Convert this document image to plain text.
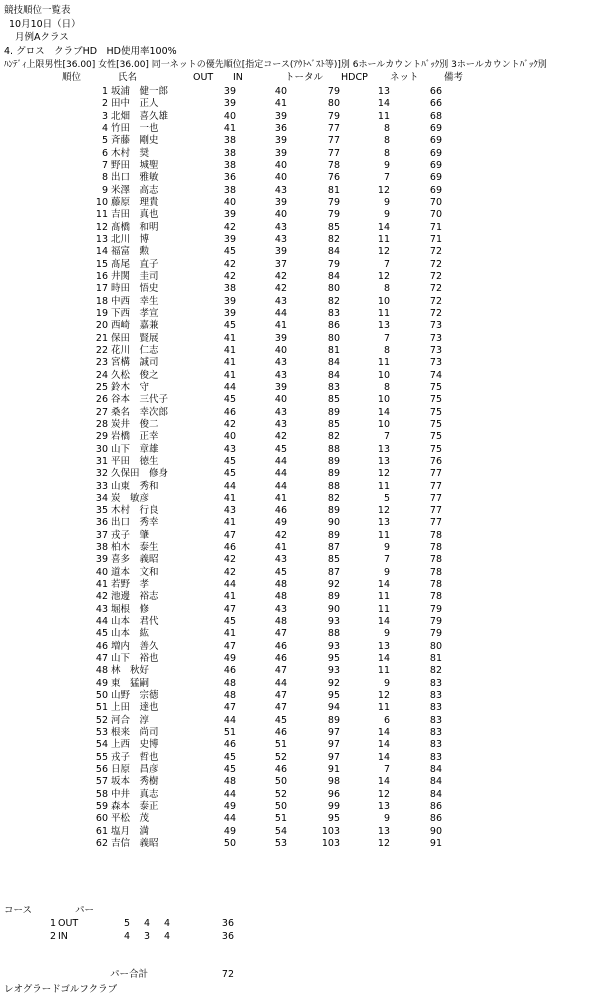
競技順位一覧表
10月10日（日）
月例Aクラス
4. グロス　クラブHD　HD使用率100%
ﾊﾝﾃﾞｨ上限男性[36.00] 女性[36.00] 同一ネットの優先順位[指定コース(ｱｳﾄﾍﾞｽﾄ等)]別 6ホールカウントﾊﾞｯｸ別 3ホールカウントﾊﾞｯｸ別
順位	氏名	OUT IN	トータル HDCP ネット	備考
1 坂浦　健一郎	39	40	79	13	66
2 田中　正人	39	41	80	14	66
3 北畑　喜久雄	40	39	79	11	68
4 竹田　一也	41	36	77	8	69
5 斉藤　剛史	38	39	77	8	69
6 木村　奨	38	39	77	8	69
7 野田　城聖	38	40	78	9	69
8 出口　雅敏	36	40	76	7	69
9 米澤　高志	38	43	81	12	69
10 藤原　理貴	40	39	79	9	70
11 吉田　真也	39	40	79	9	70
12 髙橋　和明	42	43	85	14	71
13 北川　博	39	43	82	11	71
14 福富　勲	45	39	84	12	72
15 髙尾　直子	42	37	79	7	72
16 井関　圭司	42	42	84	12	72
17 時田　悟史	38	42	80	8	72
18 中西　幸生	39	43	82	10	72
19 下西　孝宣	39	44	83	11	72
20 西崎　嘉兼	45	41	86	13	73
21 保田　賢展	41	39	80	7	73
22 花川　仁志	41	40	81	8	73
23 宮構　誠司	41	43	84	11	73
24 久松　俊之	41	43	84	10	74
25 鈴木　守	44	39	83	8	75
26 谷本　三代子	45	40	85	10	75
27 桑名　幸次郎	46	43	89	14	75
28 炭井　俊二	42	43	85	10	75
29 岩橋　正幸	40	42	82	7	75
30 山下　章雄	43	45	88	13	75
31 平田　徳生	45	44	89	13	76
32 久保田　修身	45	44	89	12	77
33 山東　秀和	44	44	88	11	77
34 炭　敏彦	41	41	82	5	77
35 木村　行良	43	46	89	12	77
36 出口　秀幸	41	49	90	13	77
37 戎子　肇	47	42	89	11	78
38 柏木　泰生	46	41	87	9	78
39 喜多　義昭	42	43	85	7	78
40 道本　文和	42	45	87	9	78
41 若野　孝	44	48	92	14	78
42 池邊　裕志	41	48	89	11	78
43 堀根　修	47	43	90	11	79
44 山本　君代	45	48	93	14	79
45 山本　紘	41	47	88	9	79
46 増内　善久	47	46	93	13	80
47 山下　裕也	49	46	95	14	81
48 林　秋好	46	47	93	11	82
49 東　猛嗣	48	44	92	9	83
50 山野　宗德	48	47	95	12	83
51 上田　達也	47	47	94	11	83
52 河合　淳	44	45	89	6	83
53 根来　尚司	51	46	97	14	83
54 上西　史博	46	51	97	14	83
55 戎子　哲也	45	52	97	14	83
56 日原　昌彦	45	46	91	7	84
57 坂本　秀樹	48	50	98	14	84
58 中井　真志	44	52	96	12	84
59 森本　泰正	49	50	99	13	86
60 平松　茂	44	51	95	9	86
61 塩月　満	49	54	103	13	90
62 吉信　義昭	50	53	103	12	91
コース	パー
1 OUT	5	4	4	36
2 IN	4	3	4	36
パー合計	72
レオグラードゴルフクラブ
